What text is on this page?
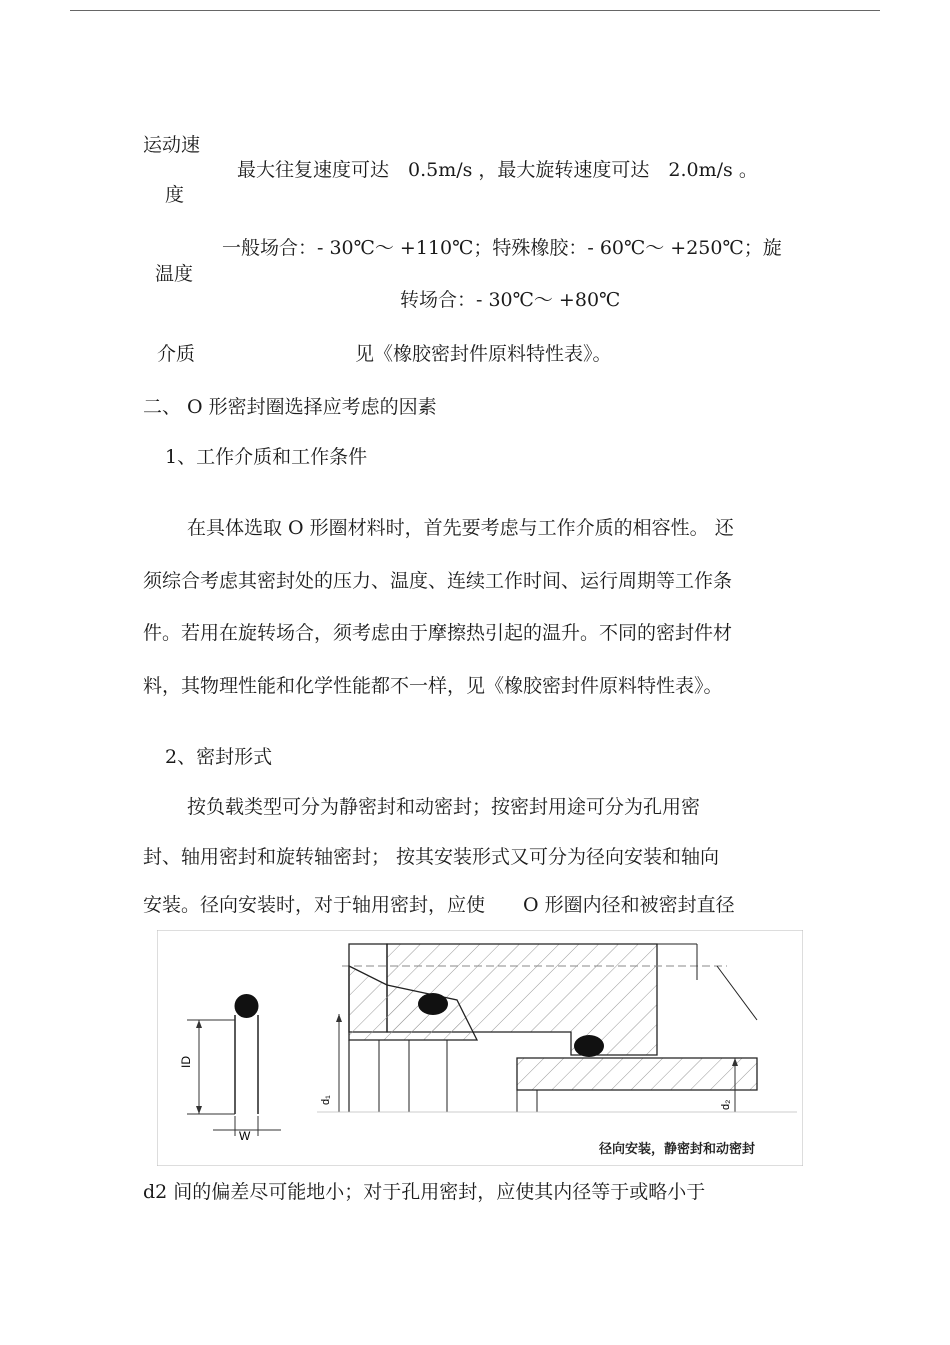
运动速
度
最大往复速度可达　0.5m/s ，最大旋转速度可达　2.0m/s 。
一般场合：- 30℃～ +110℃；特殊橡胶：- 60℃～ +250℃；旋
温度
转场合：- 30℃～ +80℃
介质	见《橡胶密封件原料特性表》。
二、 O 形密封圈选择应考虑的因素
1、工作介质和工作条件
在具体选取 O 形圈材料时，首先要考虑与工作介质的相容性。 还
须综合考虑其密封处的压力、温度、连续工作时间、运行周期等工作条
件。若用在旋转场合，须考虑由于摩擦热引起的温升。不同的密封件材
料，其物理性能和化学性能都不一样，见《橡胶密封件原料特性表》。
2、密封形式
按负载类型可分为静密封和动密封；按密封用途可分为孔用密
封、轴用密封和旋转轴密封； 按其安装形式又可分为径向安装和轴向
安装。径向安装时，对于轴用密封，应使　　O 形圈内径和被密封直径
ID
W
d₁	d₂
径向安装，静密封和动密封
d2 间的偏差尽可能地小；对于孔用密封，应使其内径等于或略小于
